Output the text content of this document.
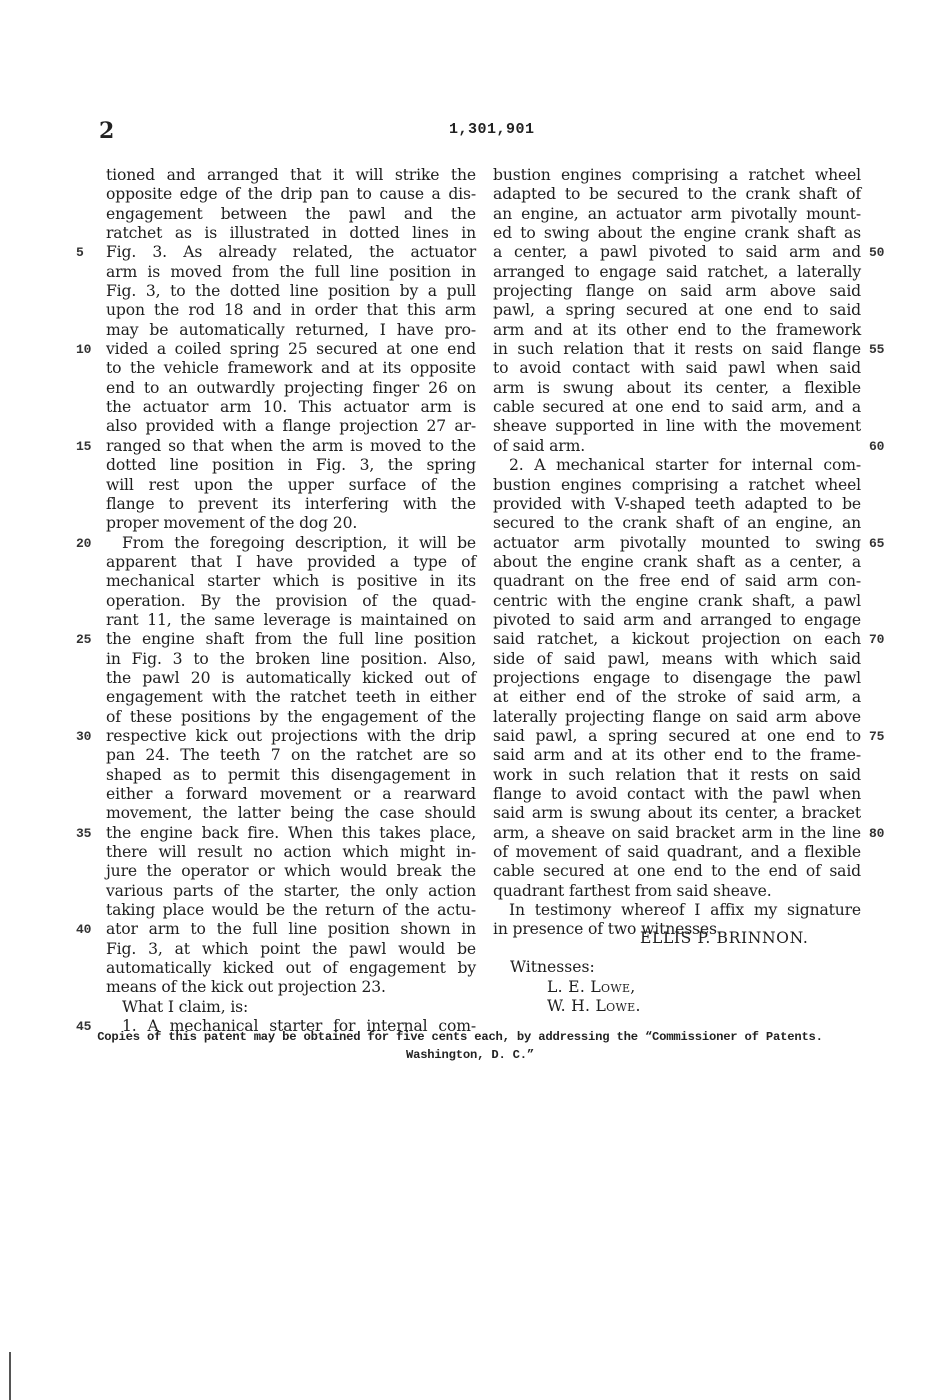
2	1,301,901
tioned and arranged that it will strike the
opposite edge of the drip pan to cause a dis-
engagement between the pawl and the
ratchet as is illustrated in dotted lines in
Fig. 3. As already related, the actuator
5
arm is moved from the full line position in
Fig. 3, to the dotted line position by a pull
upon the rod 18 and in order that this arm
may be automatically returned, I have pro-
vided a coiled spring 25 secured at one end
10
to the vehicle framework and at its opposite
end to an outwardly projecting finger 26 on
the actuator arm 10. This actuator arm is
also provided with a flange projection 27 ar-
ranged so that when the arm is moved to the
15
dotted line position in Fig. 3, the spring
will rest upon the upper surface of the
flange to prevent its interfering with the
proper movement of the dog 20.
From the foregoing description, it will be
20
apparent that I have provided a type of
mechanical starter which is positive in its
operation. By the provision of the quad-
rant 11, the same leverage is maintained on
the engine shaft from the full line position
25
in Fig. 3 to the broken line position. Also,
the pawl 20 is automatically kicked out of
engagement with the ratchet teeth in either
of these positions by the engagement of the
respective kick out projections with the drip
30
pan 24. The teeth 7 on the ratchet are so
shaped as to permit this disengagement in
either a forward movement or a rearward
movement, the latter being the case should
the engine back fire. When this takes place,
35
there will result no action which might in-
jure the operator or which would break the
various parts of the starter, the only action
taking place would be the return of the actu-
ator arm to the full line position shown in
40
Fig. 3, at which point the pawl would be
automatically kicked out of engagement by
means of the kick out projection 23.
What I claim, is:
1. A mechanical starter for internal com-
45
bustion engines comprising a ratchet wheel
adapted to be secured to the crank shaft of
an engine, an actuator arm pivotally mount-
ed to swing about the engine crank shaft as
a center, a pawl pivoted to said arm and 50
arranged to engage said ratchet, a laterally
projecting flange on said arm above said
pawl, a spring secured at one end to said
arm and at its other end to the framework
in such relation that it rests on said flange 55
to avoid contact with said pawl when said
arm is swung about its center, a flexible
cable secured at one end to said arm, and a
sheave supported in line with the movement
of said arm.	60
2. A mechanical starter for internal com-
bustion engines comprising a ratchet wheel
provided with V-shaped teeth adapted to be
secured to the crank shaft of an engine, an
actuator arm pivotally mounted to swing 65
about the engine crank shaft as a center, a
quadrant on the free end of said arm con-
centric with the engine crank shaft, a pawl
pivoted to said arm and arranged to engage
said ratchet, a kickout projection on each 70
side of said pawl, means with which said
projections engage to disengage the pawl
at either end of the stroke of said arm, a
laterally projecting flange on said arm above
said pawl, a spring secured at one end to 75
said arm and at its other end to the frame-
work in such relation that it rests on said
flange to avoid contact with the pawl when
said arm is swung about its center, a bracket
arm, a sheave on said bracket arm in the line 80
of movement of said quadrant, and a flexible
cable secured at one end to the end of said
quadrant farthest from said sheave.
In testimony whereof I affix my signature
in presence of two witnesses.
ELLIS P. BRINNON.
Witnesses:
L. E. Lowe,
W. H. Lowe.
Copies of this patent may be obtained for five cents each, by addressing the “Commissioner of Patents.
Washington, D. C.”
